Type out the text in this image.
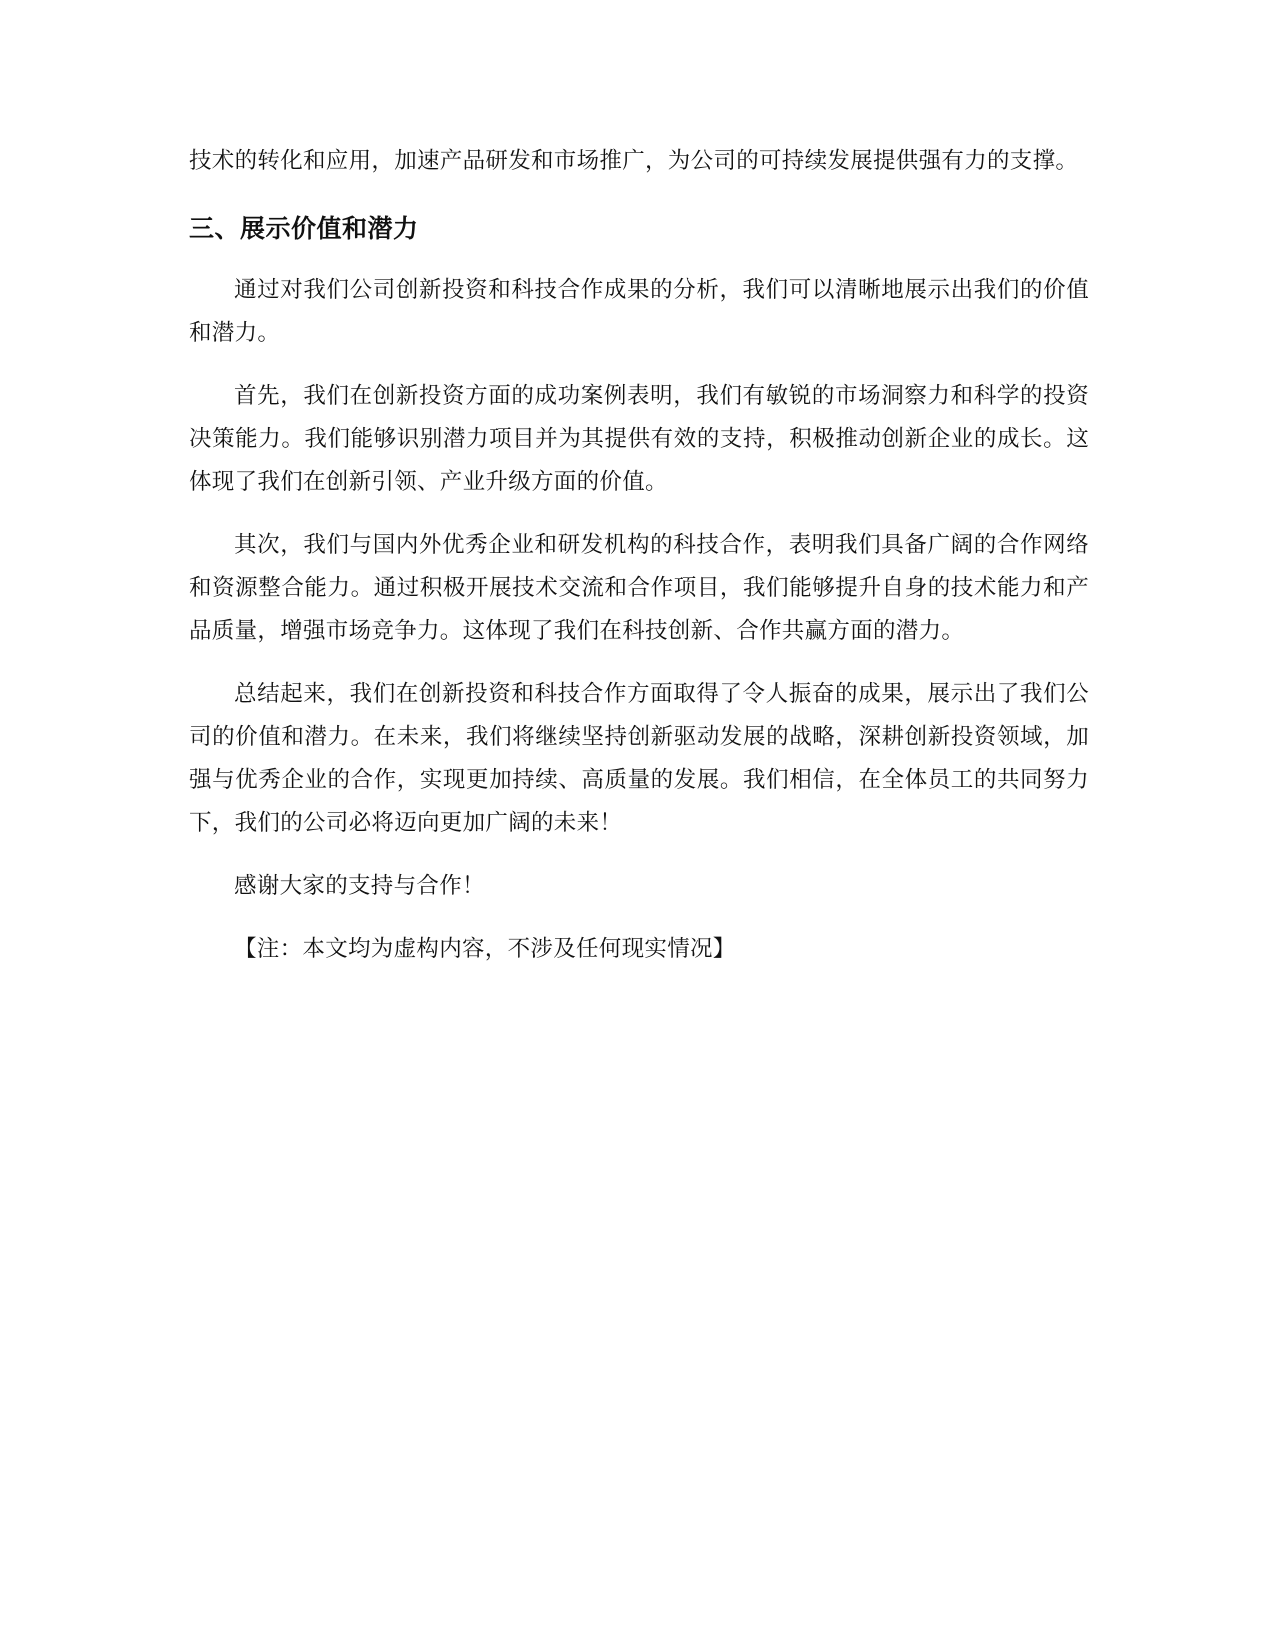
技术的转化和应用，加速产品研发和市场推广，为公司的可持续发展提供强有力的支撑。

三、展示价值和潜力

通过对我们公司创新投资和科技合作成果的分析，我们可以清晰地展示出我们的价值和潜力。

首先，我们在创新投资方面的成功案例表明，我们有敏锐的市场洞察力和科学的投资决策能力。我们能够识别潜力项目并为其提供有效的支持，积极推动创新企业的成长。这体现了我们在创新引领、产业升级方面的价值。

其次，我们与国内外优秀企业和研发机构的科技合作，表明我们具备广阔的合作网络和资源整合能力。通过积极开展技术交流和合作项目，我们能够提升自身的技术能力和产品质量，增强市场竞争力。这体现了我们在科技创新、合作共赢方面的潜力。

总结起来，我们在创新投资和科技合作方面取得了令人振奋的成果，展示出了我们公司的价值和潜力。在未来，我们将继续坚持创新驱动发展的战略，深耕创新投资领域，加强与优秀企业的合作，实现更加持续、高质量的发展。我们相信，在全体员工的共同努力下，我们的公司必将迈向更加广阔的未来！

感谢大家的支持与合作！

【注：本文均为虚构内容，不涉及任何现实情况】
